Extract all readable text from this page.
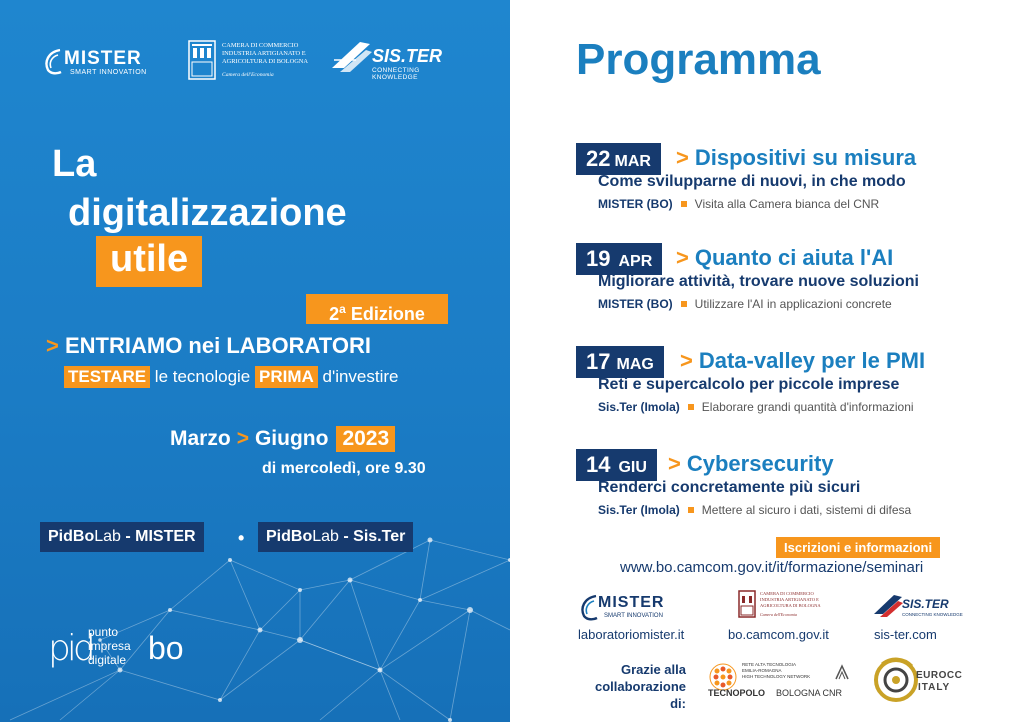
MISTER
SMART INNOVATION
CAMERA DI COMMERCIO
INDUSTRIA ARTIGIANATO E
AGRICOLTURA DI BOLOGNA
Camera dell'Economia
SIS.TER
CONNECTING KNOWLEDGE
La
digitalizzazione
utile
2$^a$ Edizione
> ENTRIAMO nei LABORATORI
TESTARE le tecnologie PRIMA d'investire
Marzo > Giugno 2023
di mercoledì, ore 9.30
PidBoLab - MISTER	•	PidBoLab - Sis.Ter
pid
punto
impresa
digitale bo
Programma
22 MAR	> Dispositivi su misura
Come svilupparne di nuovi, in che modo
MISTER (BO) Visita alla Camera bianca del CNR
19 APR	> Quanto ci aiuta l'AI
Migliorare attività, trovare nuove soluzioni
MISTER (BO) Utilizzare l'AI in applicazioni concrete
17 MAG	> Data-valley per le PMI
Reti e supercalcolo per piccole imprese
Sis.Ter (Imola) Elaborare grandi quantità d'informazioni
14 GIU > Cybersecurity
Renderci concretamente più sicuri
Sis.Ter (Imola) Mettere al sicuro i dati, sistemi di difesa
Iscrizioni e informazioni
www.bo.camcom.gov.it/it/formazione/seminari
MISTER
SMART INNOVATION
laboratoriomister.it
CAMERA DI COMMERCIO
INDUSTRIA ARTIGIANATO E
AGRICOLTURA DI BOLOGNA
Camera dell'Economia
bo.camcom.gov.it
SIS.TER
CONNECTING KNOWLEDGE
sis-ter.com
Grazie alla collaborazione di:
RETE ALTA TECNOLOGIA
EMILIA-ROMAGNA
HIGH TECHNOLOGY NETWORK
TECNOPOLO BOLOGNA CNR
EUROCC
ITALY
